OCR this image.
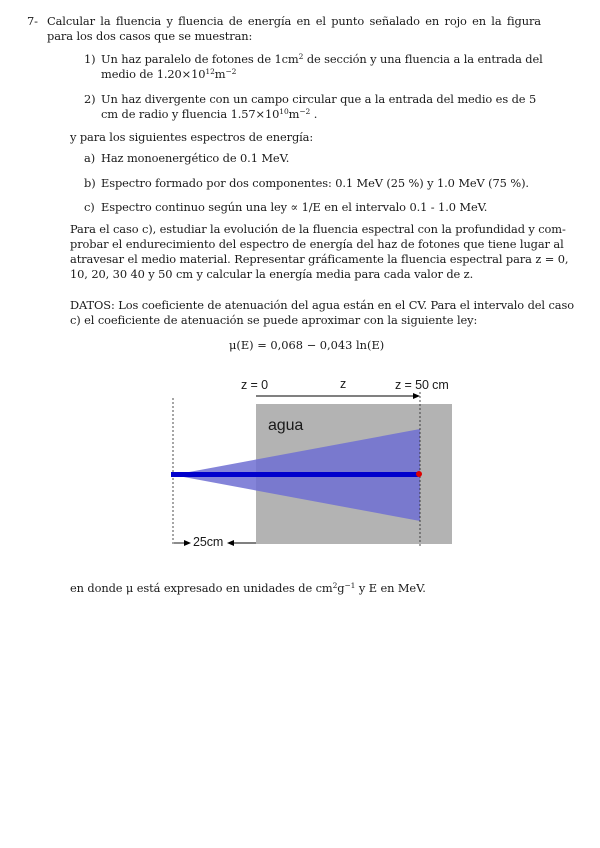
7- Calcular la fluencia y fluencia de energía en el punto señalado en rojo en la figura para los dos casos que se muestran:
1) Un haz paralelo de fotones de $1cm^2$ de sección y una fluencia a la entrada del medio de $1.20\times 10^{12}m^{-2}$
2) Un haz divergente con un campo circular que a la entrada del medio es de 5 cm de radio y fluencia $1.57\times 10^{10}m^{-2}$ .
y para los siguientes espectros de energía:
a) Haz monoenergético de 0.1 MeV.
b) Espectro formado por dos componentes: 0.1 MeV (25 %) y 1.0 MeV (75 %).
c) Espectro continuo según una ley ∝ 1/E en el intervalo 0.1 - 1.0 MeV.
Para el caso c), estudiar la evolución de la fluencia espectral con la profundidad y com-
probar el endurecimiento del espectro de energía del haz de fotones que tiene lugar al
atravesar el medio material. Representar gráficamente la fluencia espectral para z = 0,
10, 20, 30 40 y 50 cm y calcular la energía media para cada valor de z.
DATOS: Los coeficiente de atenuación del agua están en el CV. Para el intervalo del caso
c) el coeficiente de atenuación se puede aproximar con la siguiente ley:
μ(E) = 0,068 − 0,043 ln(E)
z = 0	z	z = 50 cm
agua
25cm
en donde μ está expresado en unidades de $cm^2g^{-1}$ y E en MeV.
